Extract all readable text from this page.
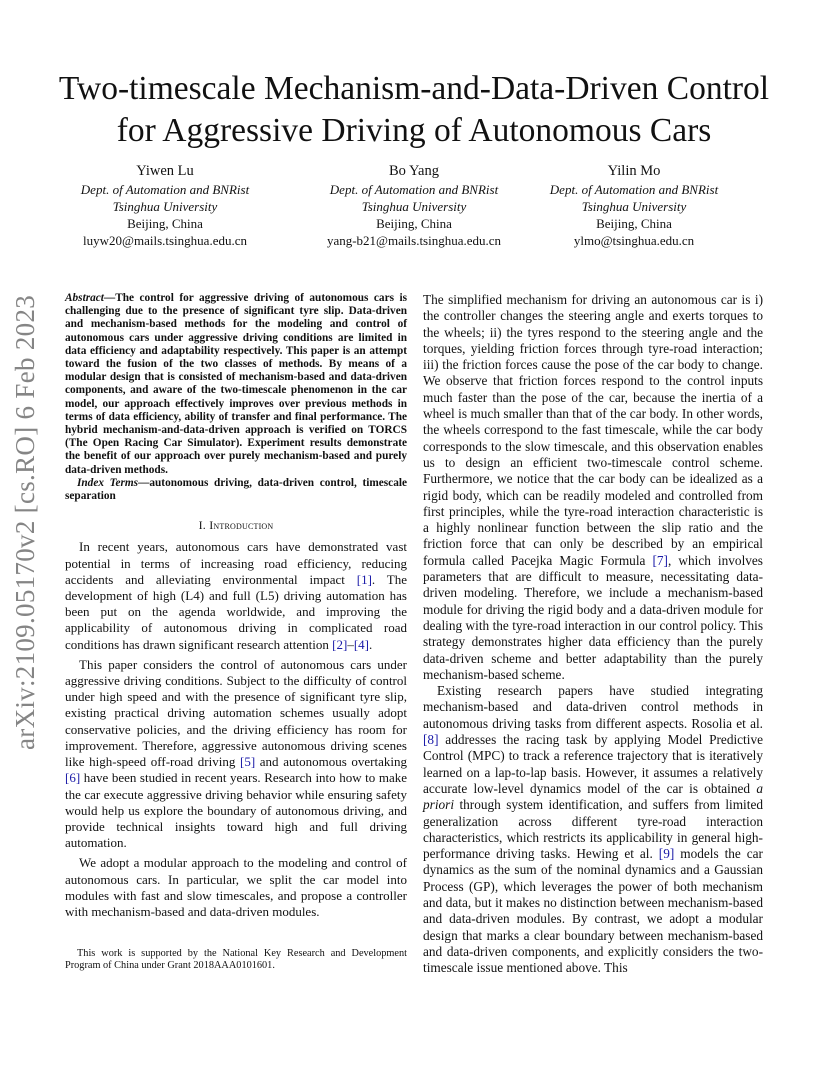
Two-timescale Mechanism-and-Data-Driven Control
for Aggressive Driving of Autonomous Cars
Yiwen Lu
Dept. of Automation and BNRist
Tsinghua University
Beijing, China
luyw20@mails.tsinghua.edu.cn
Bo Yang
Dept. of Automation and BNRist
Tsinghua University
Beijing, China
yang-b21@mails.tsinghua.edu.cn
Yilin Mo
Dept. of Automation and BNRist
Tsinghua University
Beijing, China
ylmo@tsinghua.edu.cn
arXiv:2109.05170v2 [cs.RO] 6 Feb 2023 Abstract—The control for aggressive driving of autonomous cars is challenging due to the presence of significant tyre slip. Data-driven and mechanism-based methods for the modeling and control of autonomous cars under aggressive driving conditions are limited in data efficiency and adaptability respectively. This paper is an attempt toward the fusion of the two classes of methods. By means of a modular design that is consisted of mechanism-based and data-driven components, and aware of the two-timescale phenomenon in the car model, our approach effectively improves over previous methods in terms of data efficiency, ability of transfer and final performance. The hybrid mechanism-and-data-driven approach is verified on TORCS (The Open Racing Car Simulator). Experiment results demonstrate the benefit of our approach over purely mechanism-based and purely data-driven methods.
Index Terms—autonomous driving, data-driven control, timescale separation
I. Introduction

In recent years, autonomous cars have demonstrated vast potential in terms of increasing road efficiency, reducing accidents and alleviating environmental impact [1]. The development of high (L4) and full (L5) driving automation has been put on the agenda worldwide, and improving the applicability of autonomous driving in complicated road conditions has drawn significant research attention [2]–[4].

This paper considers the control of autonomous cars under aggressive driving conditions. Subject to the difficulty of control under high speed and with the presence of significant tyre slip, existing practical driving automation schemes usually adopt conservative policies, and the driving efficiency has room for improvement. Therefore, aggressive autonomous driving scenes like high-speed off-road driving [5] and autonomous overtaking [6] have been studied in recent years. Research into how to make the car execute aggressive driving behavior while ensuring safety would help us explore the boundary of autonomous driving, and provide technical insights toward high and full driving automation.

We adopt a modular approach to the modeling and control of autonomous cars. In particular, we split the car model into modules with fast and slow timescales, and propose a controller with mechanism-based and data-driven modules.

This work is supported by the National Key Research and Development Program of China under Grant 2018AAA0101601.

The simplified mechanism for driving an autonomous car is i) the controller changes the steering angle and exerts torques to the wheels; ii) the tyres respond to the steering angle and the torques, yielding friction forces through tyre-road interaction; iii) the friction forces cause the pose of the car body to change. We observe that friction forces respond to the control inputs much faster than the pose of the car, because the inertia of a wheel is much smaller than that of the car body. In other words, the wheels correspond to the fast timescale, while the car body corresponds to the slow timescale, and this observation enables us to design an efficient two-timescale control scheme. Furthermore, we notice that the car body can be idealized as a rigid body, which can be readily modeled and controlled from first principles, while the tyre-road interaction characteristic is a highly nonlinear function between the slip ratio and the friction force that can only be described by an empirical formula called Pacejka Magic Formula [7], which involves parameters that are difficult to measure, necessitating data-driven modeling. Therefore, we include a mechanism-based module for driving the rigid body and a data-driven module for dealing with the tyre-road interaction in our control policy. This strategy demonstrates higher data efficiency than the purely data-driven scheme and better adaptability than the purely mechanism-based scheme.

Existing research papers have studied integrating mechanism-based and data-driven control methods in autonomous driving tasks from different aspects. Rosolia et al. [8] addresses the racing task by applying Model Predictive Control (MPC) to track a reference trajectory that is iteratively learned on a lap-to-lap basis. However, it assumes a relatively accurate low-level dynamics model of the car is obtained a priori through system identification, and suffers from limited generalization across different tyre-road interaction characteristics, which restricts its applicability in general high-performance driving tasks. Hewing et al. [9] models the car dynamics as the sum of the nominal dynamics and a Gaussian Process (GP), which leverages the power of both mechanism and data, but it makes no distinction between mechanism-based and data-driven modules. By contrast, we adopt a modular design that marks a clear boundary between mechanism-based and data-driven components, and explicitly considers the two-timescale issue mentioned above. This
